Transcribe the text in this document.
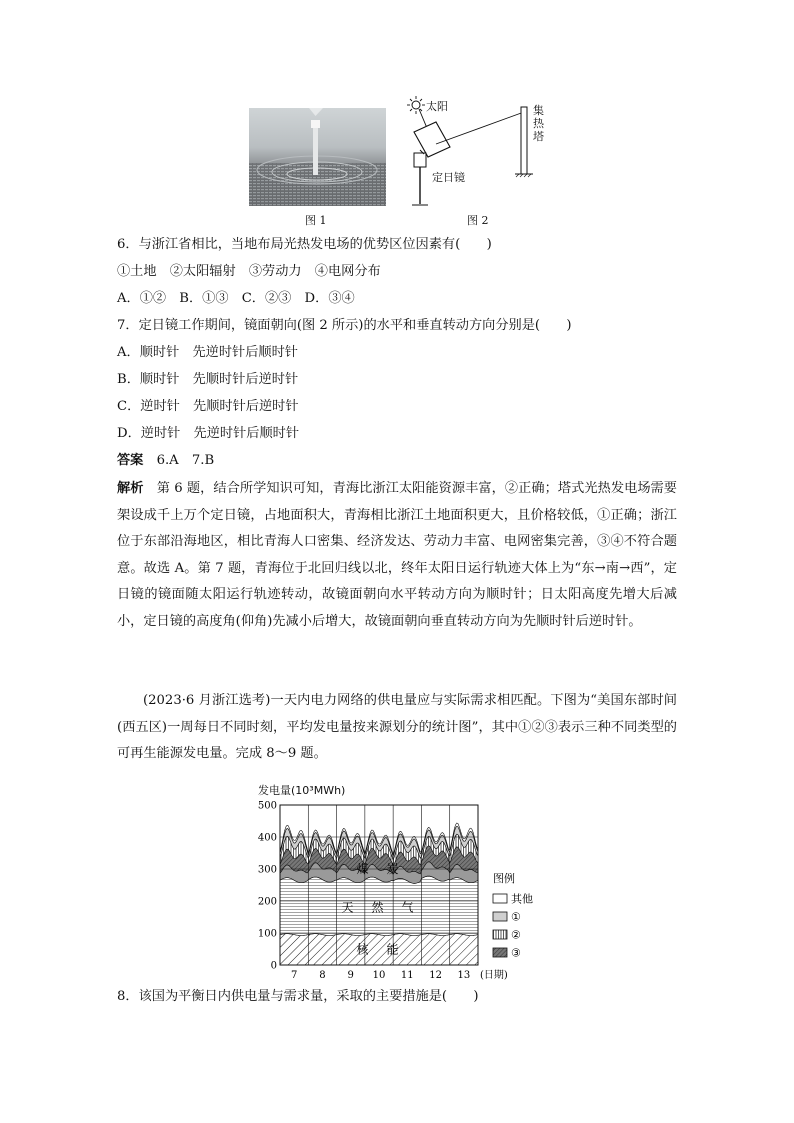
图 1
太阳	集热塔
定日镜
图 2
6．与浙江省相比，当地布局光热发电场的优势区位因素有(　　)
①土地　②太阳辐射　③劳动力　④电网分布
A．①②　B．①③　C．②③　D．③④
7．定日镜工作期间，镜面朝向(图 2 所示)的水平和垂直转动方向分别是(　　)
A．顺时针　先逆时针后顺时针
B．顺时针　先顺时针后逆时针
C．逆时针　先顺时针后逆时针
D．逆时针　先逆时针后顺时针
答案　 6.A　7.B
解析　 第 6 题，结合所学知识可知，青海比浙江太阳能资源丰富，②正确；塔式光热发电场需要架设成千上万个定日镜，占地面积大，青海相比浙江土地面积更大，且价格较低，①正确；浙江位于东部沿海地区，相比青海人口密集、经济发达、劳动力丰富、电网密集完善，③④不符合题意。故选 A。第 7 题，青海位于北回归线以北，终年太阳日运行轨迹大体上为“东→南→西”，定日镜的镜面随太阳运行轨迹转动，故镜面朝向水平转动方向为顺时针；日太阳高度先增大后减小，定日镜的高度角(仰角)先减小后增大，故镜面朝向垂直转动方向为先顺时针后逆时针。
(2023·6 月浙江选考)一天内电力网络的供电量应与实际需求相匹配。下图为“美国东部时间(西五区)一周每日不同时刻，平均发电量按来源划分的统计图”，其中①②③表示三种不同类型的可再生能源发电量。完成 8～9 题。
发电量(10³MWh)
0
100
200
300
400
500
7 8 9 10 11 12 13 (日期)
核　能
天　然　气
煤　炭
图例
其他
①
②
③
8．该国为平衡日内供电量与需求量，采取的主要措施是(　　)
